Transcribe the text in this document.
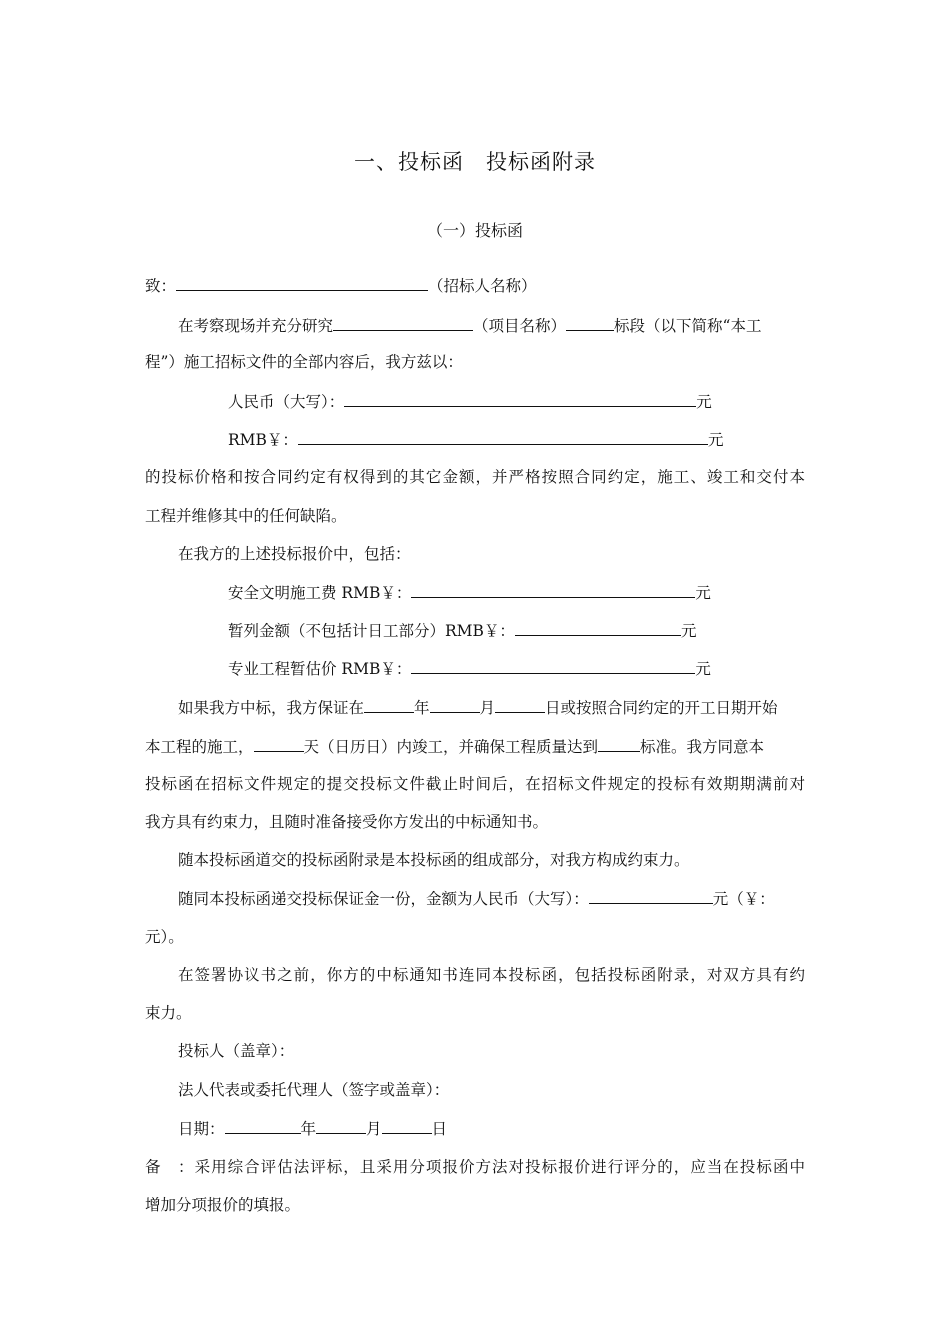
一、投标函　投标函附录
（一）投标函
致：	（招标人名称）
在考察现场并充分研究	（项目名称）	标段（以下简称“本工
程”）施工招标文件的全部内容后，我方兹以：
人民币（大写）：	元
RMB￥：	元
的投标价格和按合同约定有权得到的其它金额，并严格按照合同约定，施工、竣工和交付本
工程并维修其中的任何缺陷。
在我方的上述投标报价中，包括：
安全文明施工费 RMB￥：	元
暂列金额（不包括计日工部分）RMB￥：	元
专业工程暂估价 RMB￥：	元
如果我方中标，我方保证在	年	月	日或按照合同约定的开工日期开始
本工程的施工，	天（日历日）内竣工，并确保工程质量达到	标准。我方同意本
投标函在招标文件规定的提交投标文件截止时间后，在招标文件规定的投标有效期期满前对
我方具有约束力，且随时准备接受你方发出的中标通知书。
随本投标函道交的投标函附录是本投标函的组成部分，对我方构成约束力。
随同本投标函递交投标保证金一份，金额为人民币（大写）：	元（￥：
元）。
在签署协议书之前，你方的中标通知书连同本投标函，包括投标函附录，对双方具有约
束力。
投标人（盖章）：
法人代表或委托代理人（签字或盖章）：
日期：	年	月	日
备　：采用综合评估法评标，且采用分项报价方法对投标报价进行评分的，应当在投标函中
增加分项报价的填报。
